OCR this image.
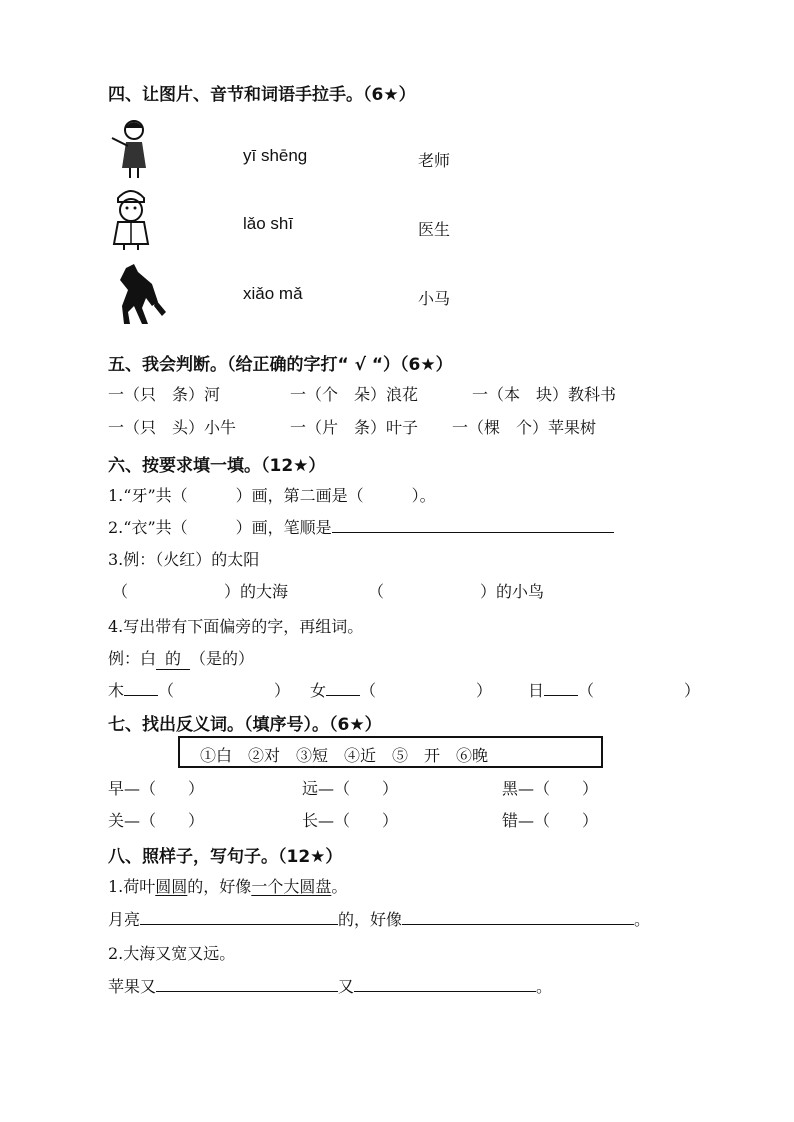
四、让图片、音节和词语手拉手。（6★）
yī shēng	老师
lǎo shī	医生
xiǎo mǎ	小马
五、我会判断。（给正确的字打“ √ “）（6★）
一（只　条）河	一（个　朵）浪花	一（本　块）教科书
一（只　头）小牛	一（片　条）叶子 一（棵　个）苹果树
六、按要求填一填。（12★）
1.“牙”共（　　　）画，第二画是（　　　）。
2.“衣”共（　　　）画，笔顺是
3.例：（火红）的太阳
（　　　　　　）的大海	（　　　　　　）的小鸟
4.写出带有下面偏旁的字，再组词。
例：白 的 （是的）
木 （	） 女 （	） 日 （	）
七、找出反义词。（填序号）。（6★）
①白　②对　③短　④近　⑤　开　⑥晚
早—（　　）	远—（　　）	黑—（　　）
关—（　　）	长—（　　）	错—（　　）
八、照样子，写句子。（12★）
1.荷叶圆圆的，好像一个大圆盘。
月亮	的，好像	。
2.大海又宽又远。
苹果又	又	。
